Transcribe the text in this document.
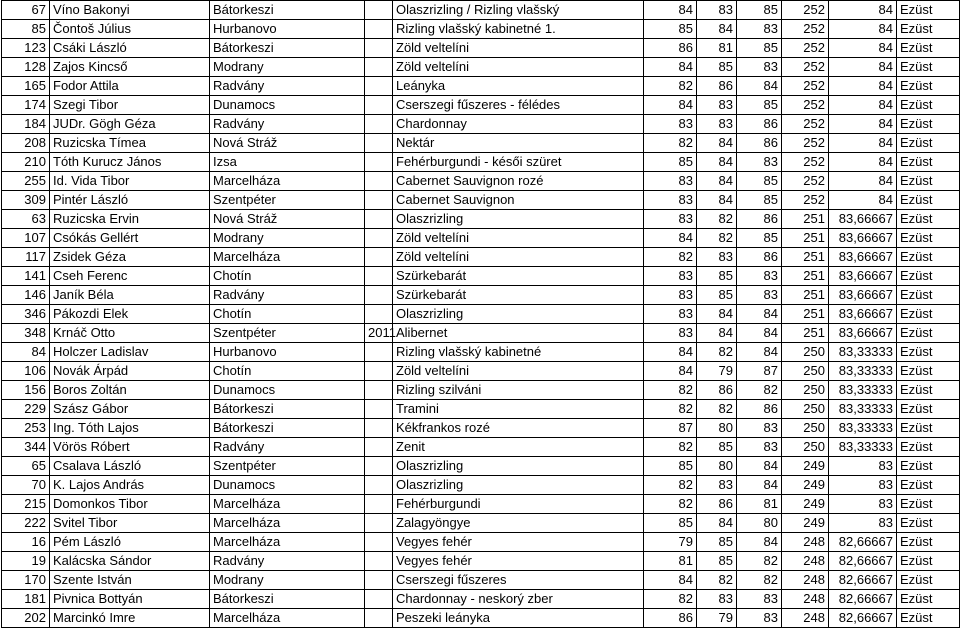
67	Víno Bakonyi	Bátorkeszi		Olaszrizling / Rizling vlašský	84	83	85	252	84	Ezüst
85	Čontoš Július	Hurbanovo		Rizling vlašský kabinetné 1.	85	84	83	252	84	Ezüst
123	Csáki László	Bátorkeszi		Zöld veltelíni	86	81	85	252	84	Ezüst
128	Zajos Kincső	Modrany		Zöld veltelíni	84	85	83	252	84	Ezüst
165	Fodor Attila	Radvány		Leányka	82	86	84	252	84	Ezüst
174	Szegi Tibor	Dunamocs		Cserszegi fűszeres - félédes	84	83	85	252	84	Ezüst
184	JUDr. Gögh Géza	Radvány		Chardonnay	83	83	86	252	84	Ezüst
208	Ruzicska Tímea	Nová Stráž		Nektár	82	84	86	252	84	Ezüst
210	Tóth Kurucz János	Izsa		Fehérburgundi - késői szüret	85	84	83	252	84	Ezüst
255	Id. Vida Tibor	Marcelháza		Cabernet Sauvignon rozé	83	84	85	252	84	Ezüst
309	Pintér László	Szentpéter		Cabernet Sauvignon	83	84	85	252	84	Ezüst
63	Ruzicska Ervin	Nová Stráž		Olaszrizling	83	82	86	251	83,66667	Ezüst
107	Csókás Gellért	Modrany		Zöld veltelíni	84	82	85	251	83,66667	Ezüst
117	Zsidek Géza	Marcelháza		Zöld veltelíni	82	83	86	251	83,66667	Ezüst
141	Cseh Ferenc	Chotín		Szürkebarát	83	85	83	251	83,66667	Ezüst
146	Janík Béla	Radvány		Szürkebarát	83	85	83	251	83,66667	Ezüst
346	Pákozdi Elek	Chotín		Olaszrizling	83	84	84	251	83,66667	Ezüst
348	Krnáč Otto	Szentpéter	2011	Alibernet	83	84	84	251	83,66667	Ezüst
84	Holczer Ladislav	Hurbanovo		Rizling vlašský kabinetné	84	82	84	250	83,33333	Ezüst
106	Novák Árpád	Chotín		Zöld veltelíni	84	79	87	250	83,33333	Ezüst
156	Boros Zoltán	Dunamocs		Rizling szilváni	82	86	82	250	83,33333	Ezüst
229	Szász Gábor	Bátorkeszi		Tramini	82	82	86	250	83,33333	Ezüst
253	Ing. Tóth Lajos	Bátorkeszi		Kékfrankos rozé	87	80	83	250	83,33333	Ezüst
344	Vörös Róbert	Radvány		Zenit	82	85	83	250	83,33333	Ezüst
65	Csalava László	Szentpéter		Olaszrizling	85	80	84	249	83	Ezüst
70	K. Lajos András	Dunamocs		Olaszrizling	82	83	84	249	83	Ezüst
215	Domonkos Tibor	Marcelháza		Fehérburgundi	82	86	81	249	83	Ezüst
222	Svitel Tibor	Marcelháza		Zalagyöngye	85	84	80	249	83	Ezüst
16	Pém László	Marcelháza		Vegyes fehér	79	85	84	248	82,66667	Ezüst
19	Kalácska Sándor	Radvány		Vegyes fehér	81	85	82	248	82,66667	Ezüst
170	Szente István	Modrany		Cserszegi fűszeres	84	82	82	248	82,66667	Ezüst
181	Pivnica Bottyán	Bátorkeszi		Chardonnay - neskorý zber	82	83	83	248	82,66667	Ezüst
202	Marcinkó Imre	Marcelháza		Peszeki leányka	86	79	83	248	82,66667	Ezüst
